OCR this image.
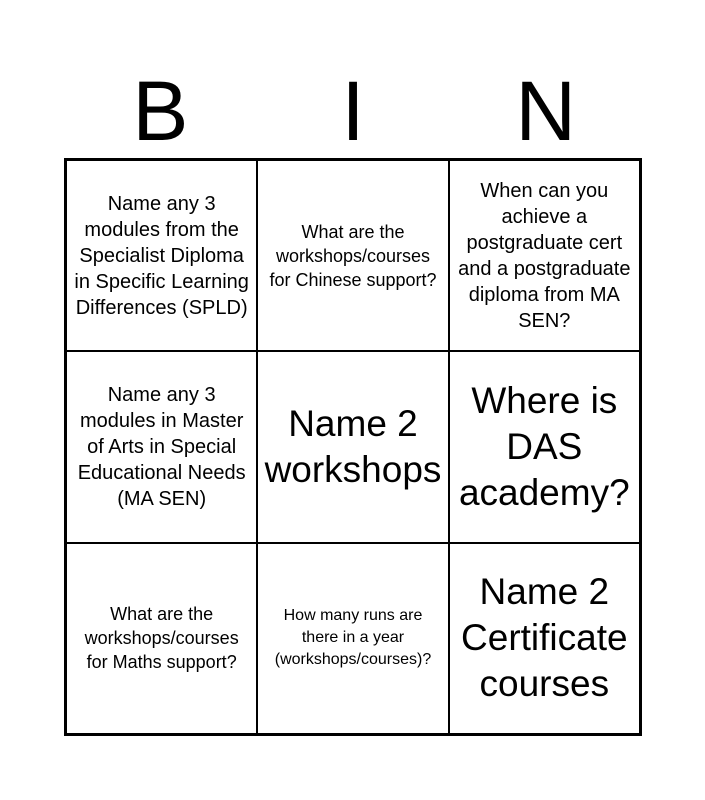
B	I	N
Name any 3 modules from the Specialist Diploma in Specific Learning Differences (SPLD)
What are the workshops/courses for Chinese support?
When can you achieve a postgraduate cert and a postgraduate diploma from MA SEN?
Name any 3 modules in Master of Arts in Special Educational Needs (MA SEN)
Name 2 workshops
Where is DAS academy?
What are the workshops/courses for Maths support?
How many runs are there in a year (workshops/courses)?
Name 2 Certificate courses
